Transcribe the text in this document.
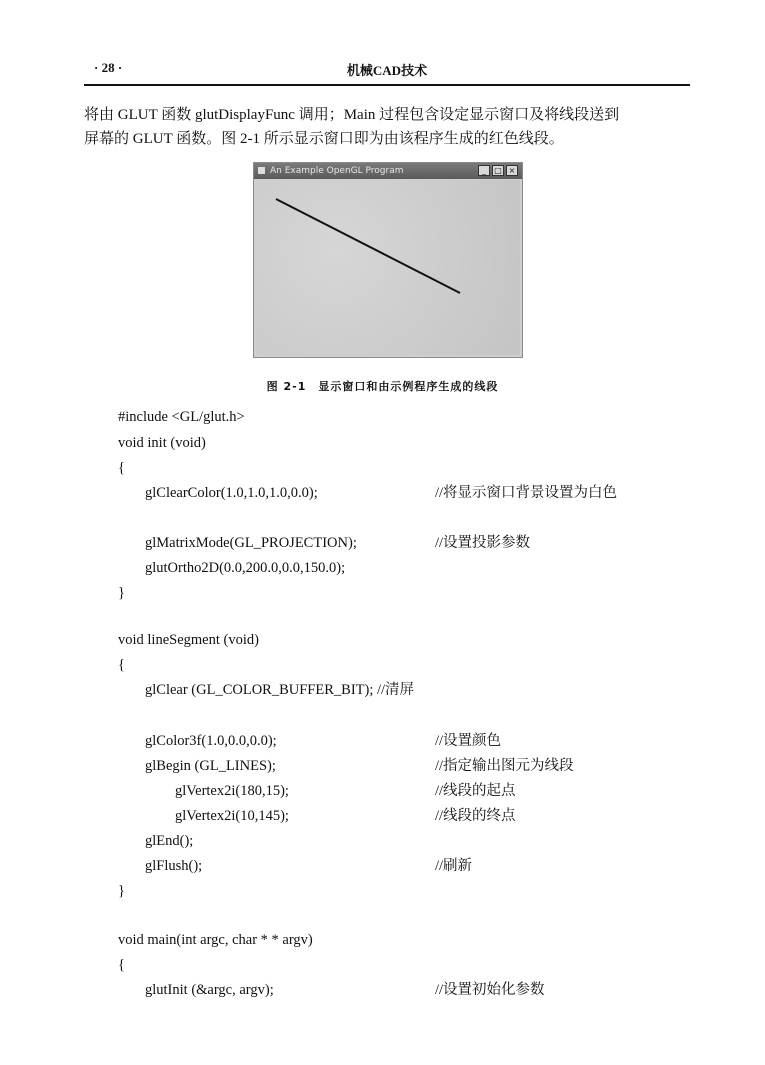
· 28 ·	机械CAD技术

将由 GLUT 函数 glutDisplayFunc 调用；Main 过程包含设定显示窗口及将线段送到

屏幕的 GLUT 函数。图 2-1 所示显示窗口即为由该程序生成的红色线段。

An Example OpenGL Program	_	□ ×
图 2-1　显示窗口和由示例程序生成的线段
#include <GL/glut.h>
void init (void)
{
glClearColor(1.0,1.0,1.0,0.0);	//将显示窗口背景设置为白色
glMatrixMode(GL_PROJECTION);	//设置投影参数
glutOrtho2D(0.0,200.0,0.0,150.0);
}
void lineSegment (void)
{
glClear (GL_COLOR_BUFFER_BIT); //清屏
glColor3f(1.0,0.0,0.0);	//设置颜色
glBegin (GL_LINES);	//指定输出图元为线段
glVertex2i(180,15);	//线段的起点
glVertex2i(10,145);	//线段的终点
glEnd();
glFlush();	//刷新
}
void main(int argc, char * * argv)
{
glutInit (&argc, argv);	//设置初始化参数
